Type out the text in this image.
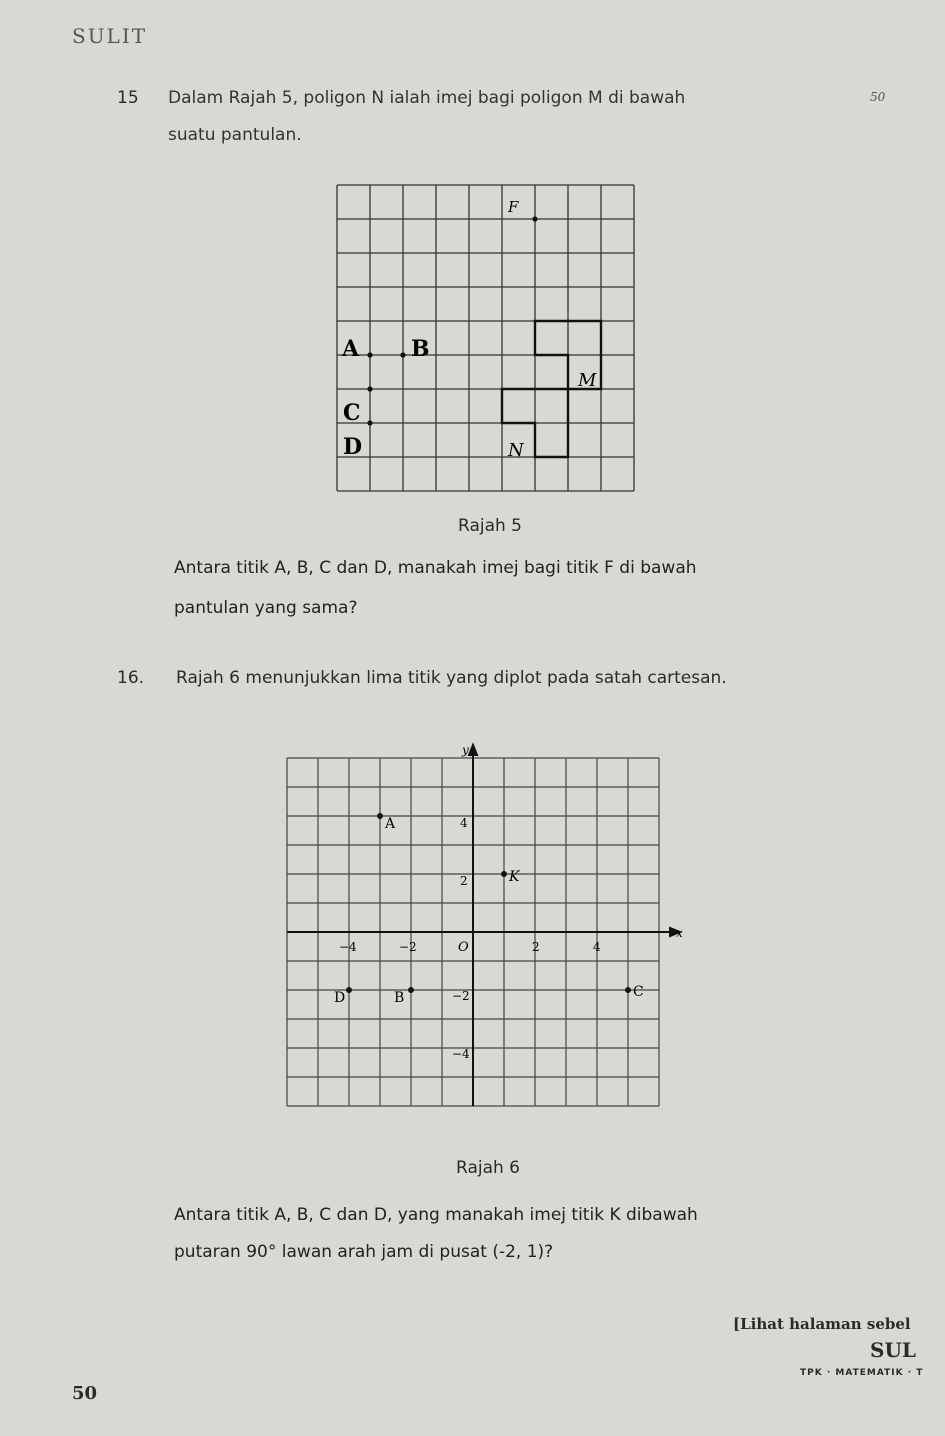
SULIT
50
15 Dalam Rajah 5, poligon N ialah imej bagi poligon M di bawah
suatu pantulan.
F
A B
C
D
M
N
Rajah 5
Antara titik A, B, C dan D, manakah imej bagi titik F di bawah
pantulan yang sama?
16. Rajah 6 menunjukkan lima titik yang diplot pada satah cartesan.
y
x
O
−4	−2	2	4
4
2
−2
−4
A
K
D	B	C
Rajah 6
Antara titik A, B, C dan D, yang manakah imej titik K dibawah
putaran 90° lawan arah jam di pusat (-2, 1)?
[Lihat halaman sebel
SUL
TPK · MATEMATIK · T
50
